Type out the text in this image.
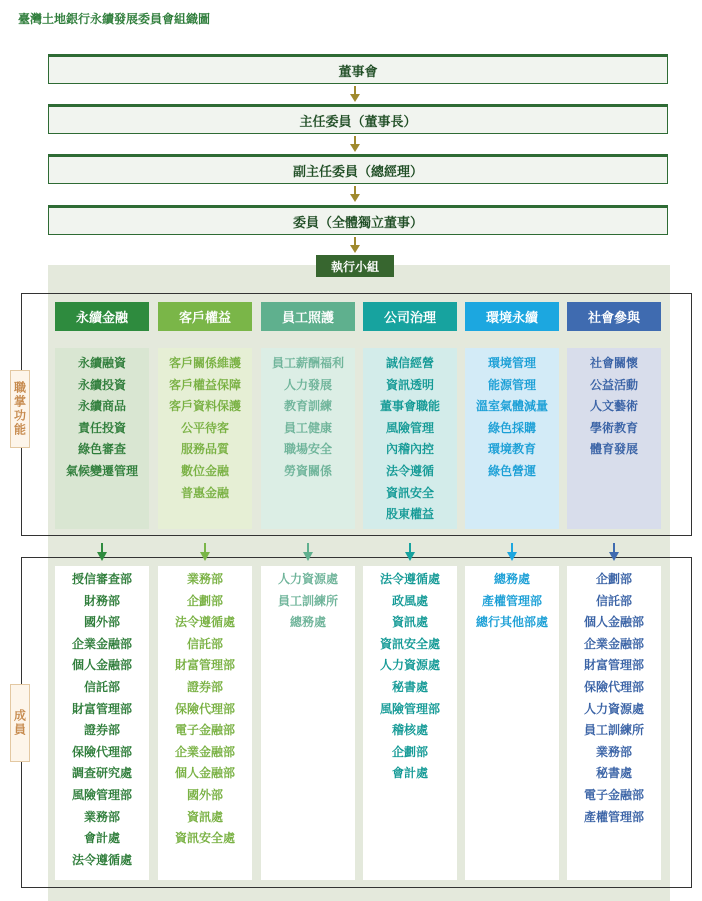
臺灣土地銀行永續發展委員會組織圖
董事會
主任委員（董事長）
副主任委員（總經理）
委員（全體獨立董事）
執行小組
職掌功能
成員
永續金融
永續融資
永續投資
永續商品
責任投資
綠色審查
氣候變遷管理
授信審查部
財務部
國外部
企業金融部
個人金融部
信託部
財富管理部
證券部
保險代理部
調查研究處
風險管理部
業務部
會計處
法令遵循處
客戶權益
客戶關係維護
客戶權益保障
客戶資料保護
公平待客
服務品質
數位金融
普惠金融
業務部
企劃部
法令遵循處
信託部
財富管理部
證券部
保險代理部
電子金融部
企業金融部
個人金融部
國外部
資訊處
資訊安全處
員工照護
員工薪酬福利
人力發展
教育訓練
員工健康
職場安全
勞資關係
人力資源處
員工訓練所
總務處
公司治理
誠信經營
資訊透明
董事會職能
風險管理
內稽內控
法令遵循
資訊安全
股東權益
法令遵循處
政風處
資訊處
資訊安全處
人力資源處
秘書處
風險管理部
稽核處
企劃部
會計處
環境永續
環境管理
能源管理
溫室氣體減量
綠色採購
環境教育
綠色營運
總務處
產權管理部
總行其他部處
社會參與
社會關懷
公益活動
人文藝術
學術教育
體育發展
企劃部
信託部
個人金融部
企業金融部
財富管理部
保險代理部
人力資源處
員工訓練所
業務部
秘書處
電子金融部
產權管理部
